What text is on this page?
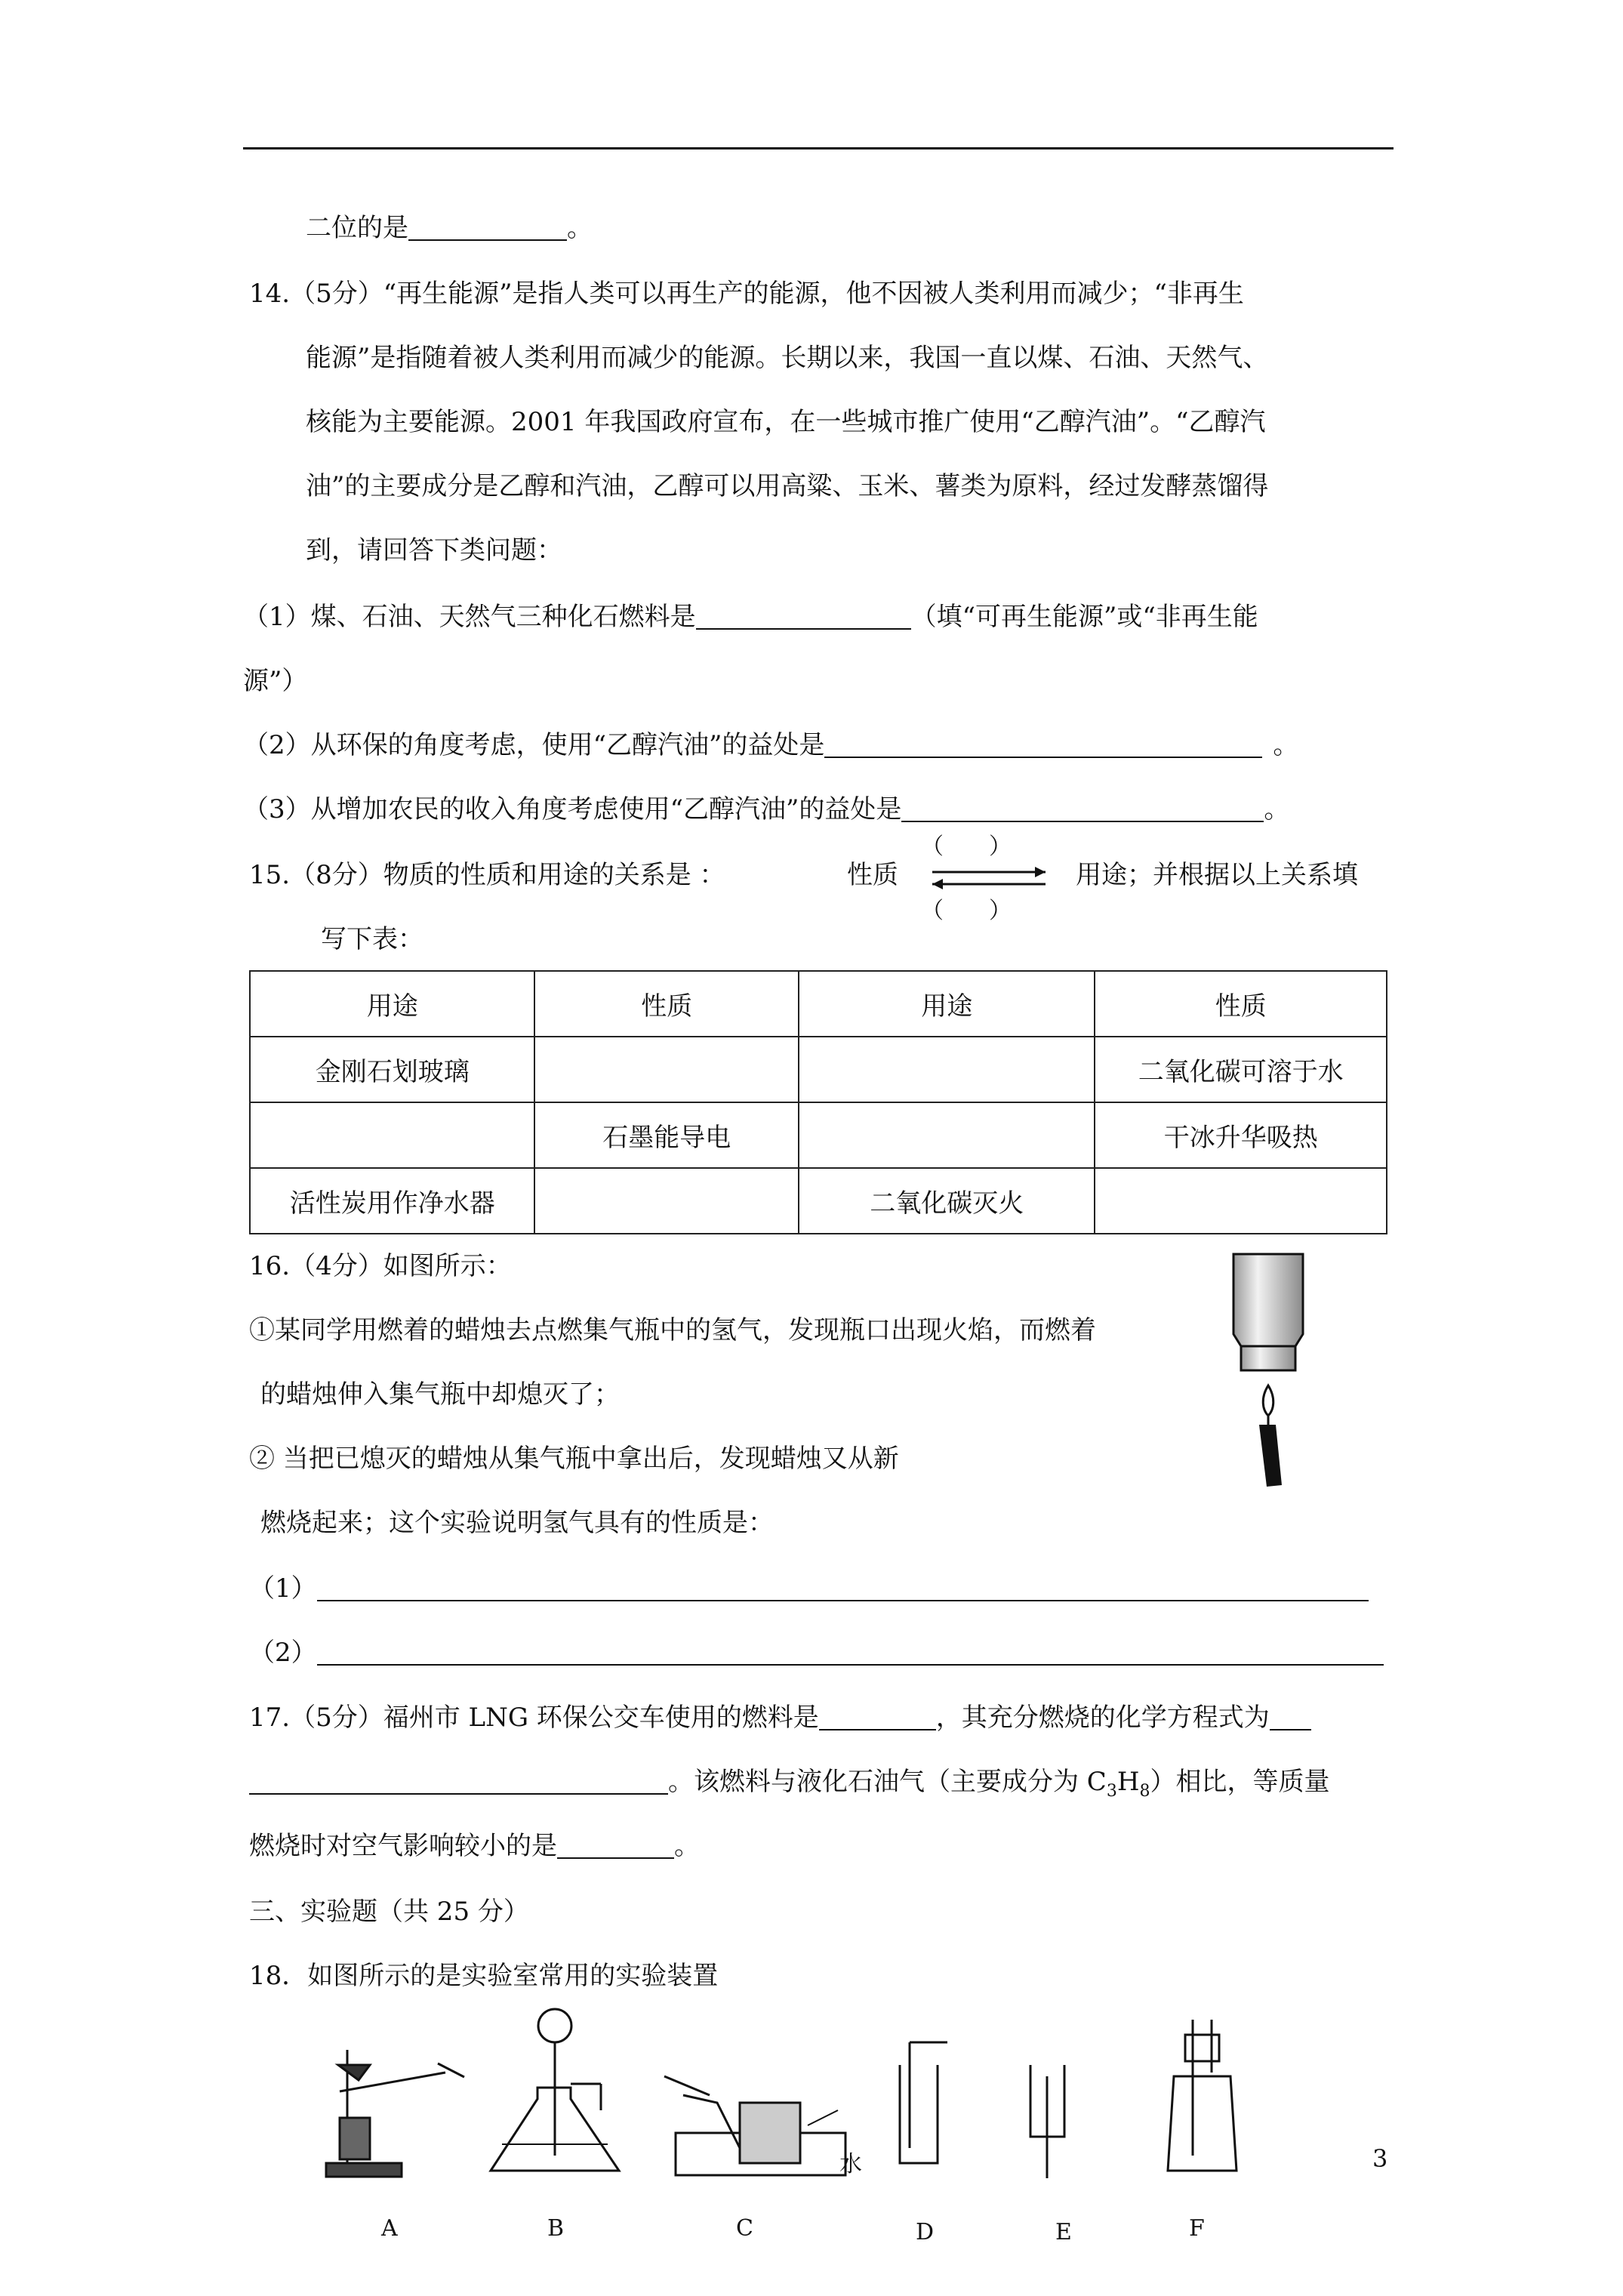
二位的是	。
14.（5分）“再生能源”是指人类可以再生产的能源，他不因被人类利用而减少；“非再生
能源”是指随着被人类利用而减少的能源。长期以来，我国一直以煤、石油、天然气、
核能为主要能源。2001 年我国政府宣布，在一些城市推广使用“乙醇汽油”。“乙醇汽
油”的主要成分是乙醇和汽油，乙醇可以用高粱、玉米、薯类为原料，经过发酵蒸馏得
到，请回答下类问题：
（1）煤、石油、天然气三种化石燃料是	（填“可再生能源”或“非再生能
源”）
（2）从环保的角度考虑，使用“乙醇汽油”的益处是	。
（3）从增加农民的收入角度考虑使用“乙醇汽油”的益处是	。
15.（8分）物质的性质和用途的关系是 ：	性质
（　　）
（　　）
用途；并根据以上关系填
写下表：
用途	性质	用途	性质
金刚石划玻璃			二氧化碳可溶于水
	石墨能导电		干冰升华吸热
活性炭用作净水器		二氧化碳灭火	
16.（4分）如图所示：
①某同学用燃着的蜡烛去点燃集气瓶中的氢气，发现瓶口出现火焰，而燃着
的蜡烛伸入集气瓶中却熄灭了；
② 当把已熄灭的蜡烛从集气瓶中拿出后，发现蜡烛又从新
燃烧起来；这个实验说明氢气具有的性质是：
（1）
（2）
17.（5分）福州市 LNG 环保公交车使用的燃料是	，其充分燃烧的化学方程式为
。该燃料与液化石油气（主要成分为 $C_3H_8$）相比，等质量
燃烧时对空气影响较小的是	。
三、实验题（共 25 分）
18．如图所示的是实验室常用的实验装置
水
A	B	C	D	E	F
3
